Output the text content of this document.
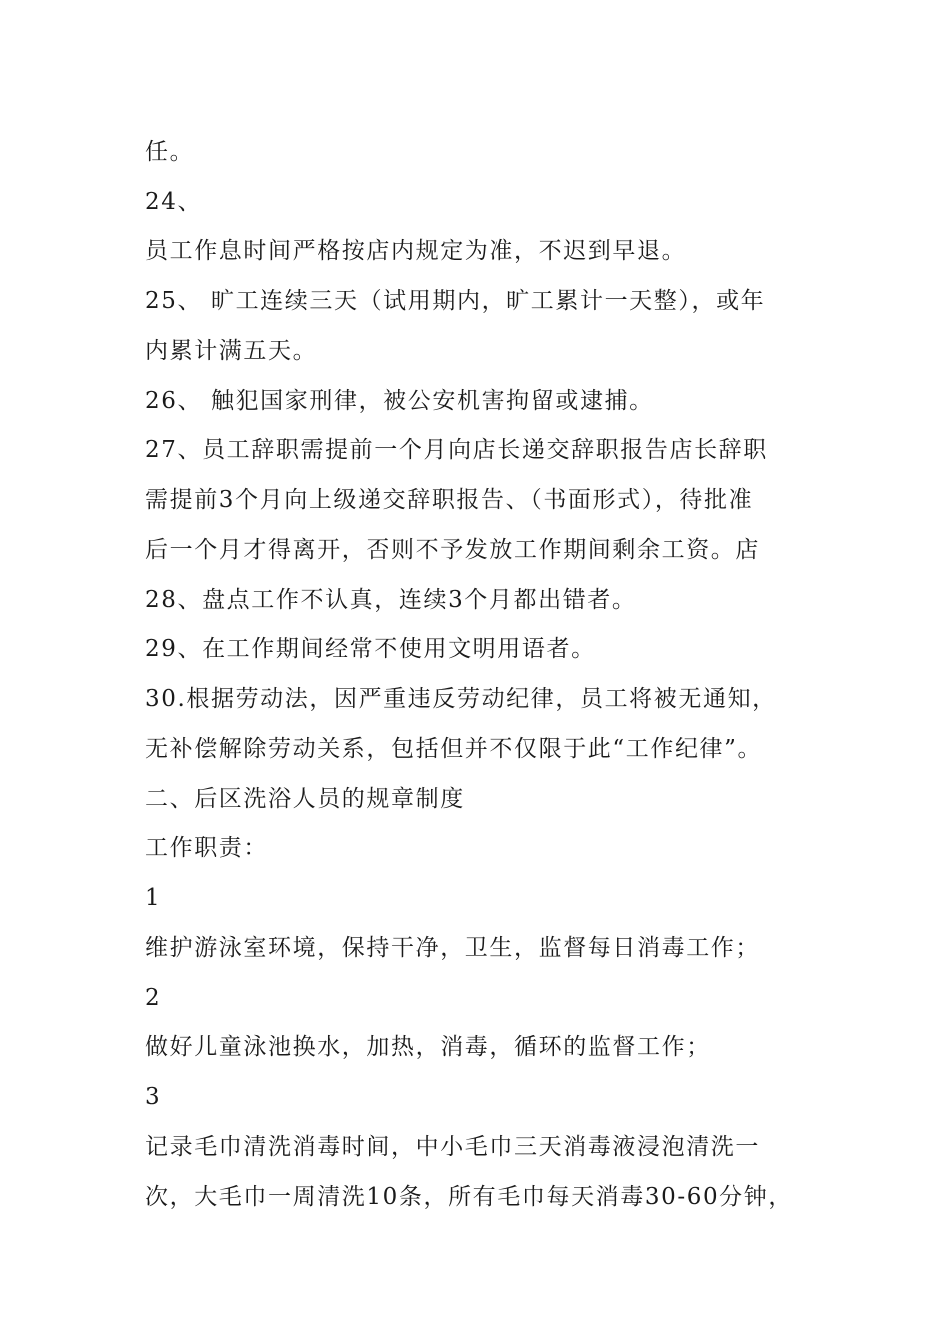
任。
24、
员工作息时间严格按店内规定为准，不迟到早退。
25、 旷工连续三天（试用期内，旷工累计一天整），或年
内累计满五天。
26、 触犯国家刑律，被公安机害拘留或逮捕。
27、员工辞职需提前一个月向店长递交辞职报告店长辞职
需提前3个月向上级递交辞职报告、（书面形式），待批准
后一个月才得离开，否则不予发放工作期间剩余工资。店
28、盘点工作不认真，连续3个月都出错者。
29、在工作期间经常不使用文明用语者。
30.根据劳动法，因严重违反劳动纪律，员工将被无通知，
无补偿解除劳动关系，包括但并不仅限于此“工作纪律”。
二、后区洗浴人员的规章制度
工作职责：
1
维护游泳室环境，保持干净，卫生，监督每日消毒工作；
2
做好儿童泳池换水，加热，消毒，循环的监督工作；
3
记录毛巾清洗消毒时间，中小毛巾三天消毒液浸泡清洗一
次，大毛巾一周清洗10条，所有毛巾每天消毒30-60分钟，
